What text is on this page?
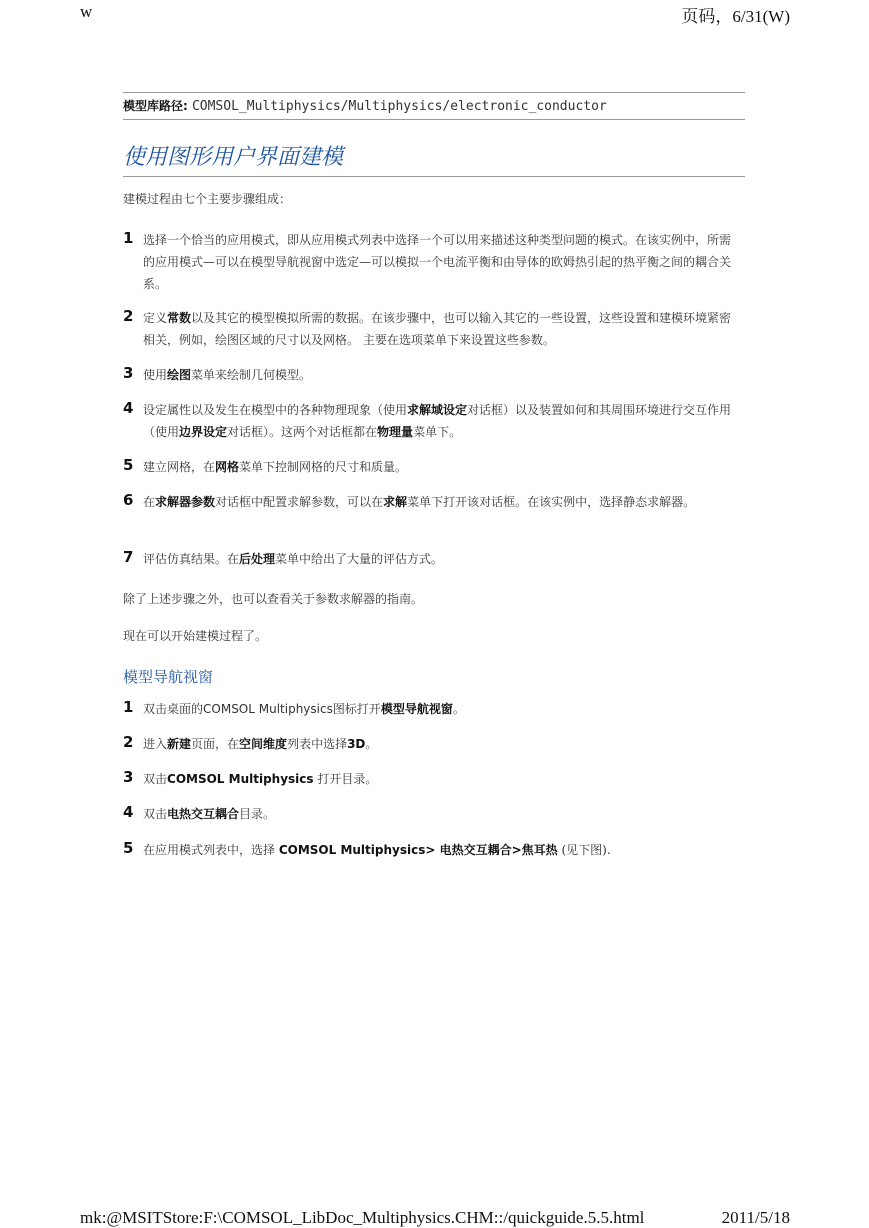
w	页码，6/31(W)
模型库路径: COMSOL_Multiphysics/Multiphysics/electronic_conductor
使用图形用户界面建模
建模过程由七个主要步骤组成：
1 选择一个恰当的应用模式，即从应用模式列表中选择一个可以用来描述这种类型问题的模式。在该实例中，所需的应用模式—可以在模型导航视窗中选定—可以模拟一个电流平衡和由导体的欧姆热引起的热平衡之间的耦合关系。
2 定义常数以及其它的模型模拟所需的数据。在该步骤中，也可以输入其它的一些设置，这些设置和建模环境紧密相关，例如，绘图区域的尺寸以及网格。 主要在选项菜单下来设置这些参数。
3 使用绘图菜单来绘制几何模型。
4 设定属性以及发生在模型中的各种物理现象（使用求解域设定对话框）以及装置如何和其周围环境进行交互作用（使用边界设定对话框）。这两个对话框都在物理量菜单下。
5 建立网格，在网格菜单下控制网格的尺寸和质量。
6 在求解器参数对话框中配置求解参数，可以在求解菜单下打开该对话框。在该实例中，选择静态求解器。
7 评估仿真结果。在后处理菜单中给出了大量的评估方式。
除了上述步骤之外，也可以查看关于参数求解器的指南。
现在可以开始建模过程了。
模型导航视窗
1 双击桌面的COMSOL Multiphysics图标打开模型导航视窗。
2 进入新建页面，在空间维度列表中选择3D。
3 双击COMSOL Multiphysics 打开目录。
4 双击电热交互耦合目录。
5 在应用模式列表中，选择 COMSOL Multiphysics> 电热交互耦合>焦耳热 (见下图).
mk:@MSITStore:F:\COMSOL_LibDoc_Multiphysics.CHM::/quickguide.5.5.html	2011/5/18
